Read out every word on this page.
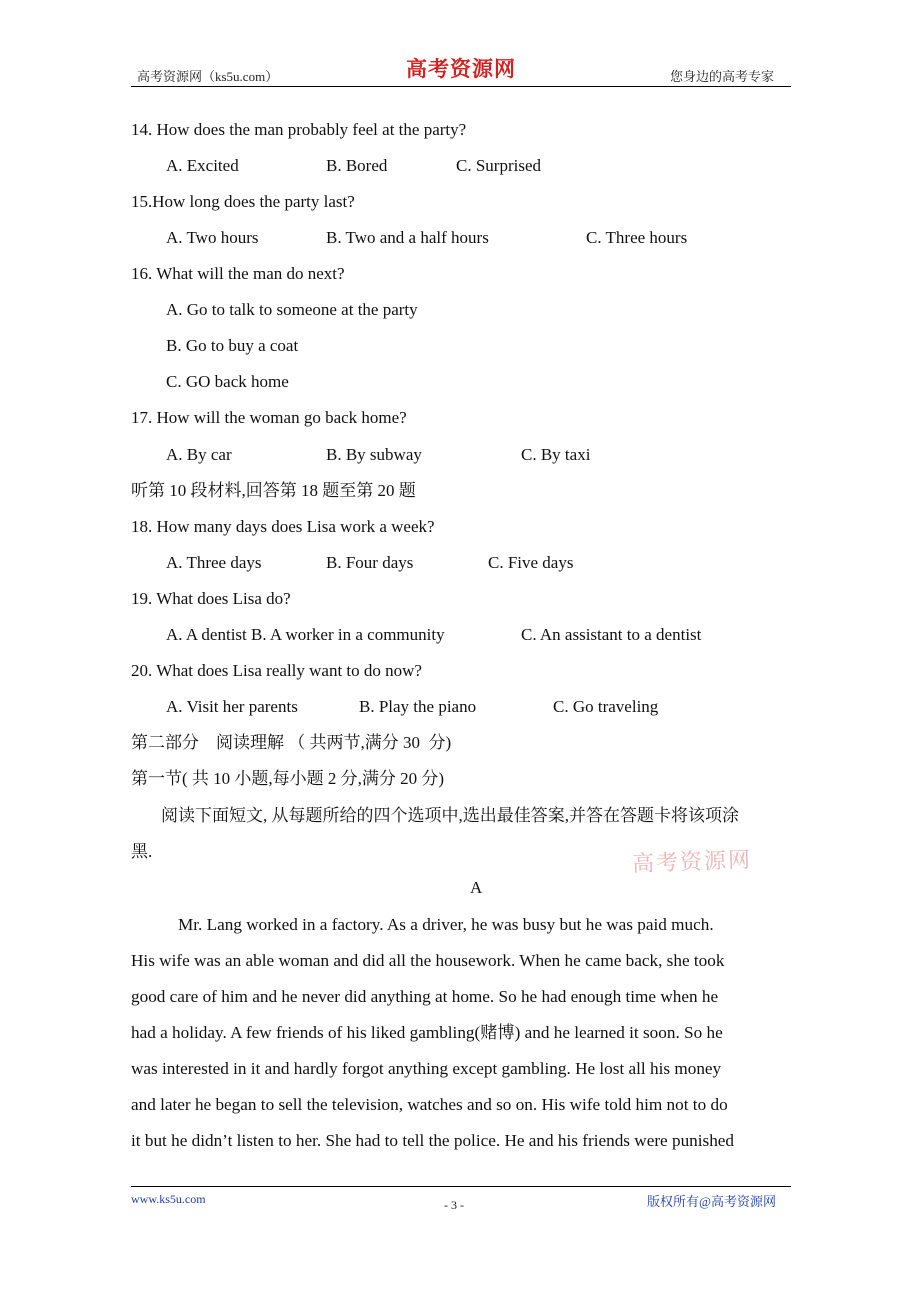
高考资源网（ks5u.com）	高考资源网	您身边的高考专家
14. How does the man probably feel at the party?
A. Excited	B. Bored	C. Surprised
15.How long does the party last?
A. Two hours	B. Two and a half hours	C. Three hours
16. What will the man do next?
A. Go to talk to someone at the party
B. Go to buy a coat
C. GO back home
17. How will the woman go back home?
A. By car	B. By subway	C. By taxi
听第 10 段材料,回答第 18 题至第 20 题
18. How many days does Lisa work a week?
A. Three days	B. Four days	C. Five days
19. What does Lisa do?
A. A dentist B. A worker in a community	C. An assistant to a dentist
20. What does Lisa really want to do now?
A. Visit her parents	B. Play the piano	C. Go traveling
第二部分　阅读理解 （ 共两节,满分 30  分)
第一节( 共 10 小题,每小题 2 分,满分 20 分)
阅读下面短文, 从每题所给的四个选项中,选出最佳答案,并答在答题卡将该项涂
黑.	高考资源网
A
Mr. Lang worked in a factory. As a driver, he was busy but he was paid much.
His wife was an able woman and did all the housework. When he came back, she took
good care of him and he never did anything at home. So he had enough time when he
had a holiday. A few friends of his liked gambling(赌博) and he learned it soon. So he
was interested in it and hardly forgot anything except gambling. He lost all his money
and later he began to sell the television, watches and so on. His wife told him not to do
it but he didn’t listen to her. She had to tell the police. He and his friends were punished
www.ks5u.com	- 3 -	版权所有@高考资源网
